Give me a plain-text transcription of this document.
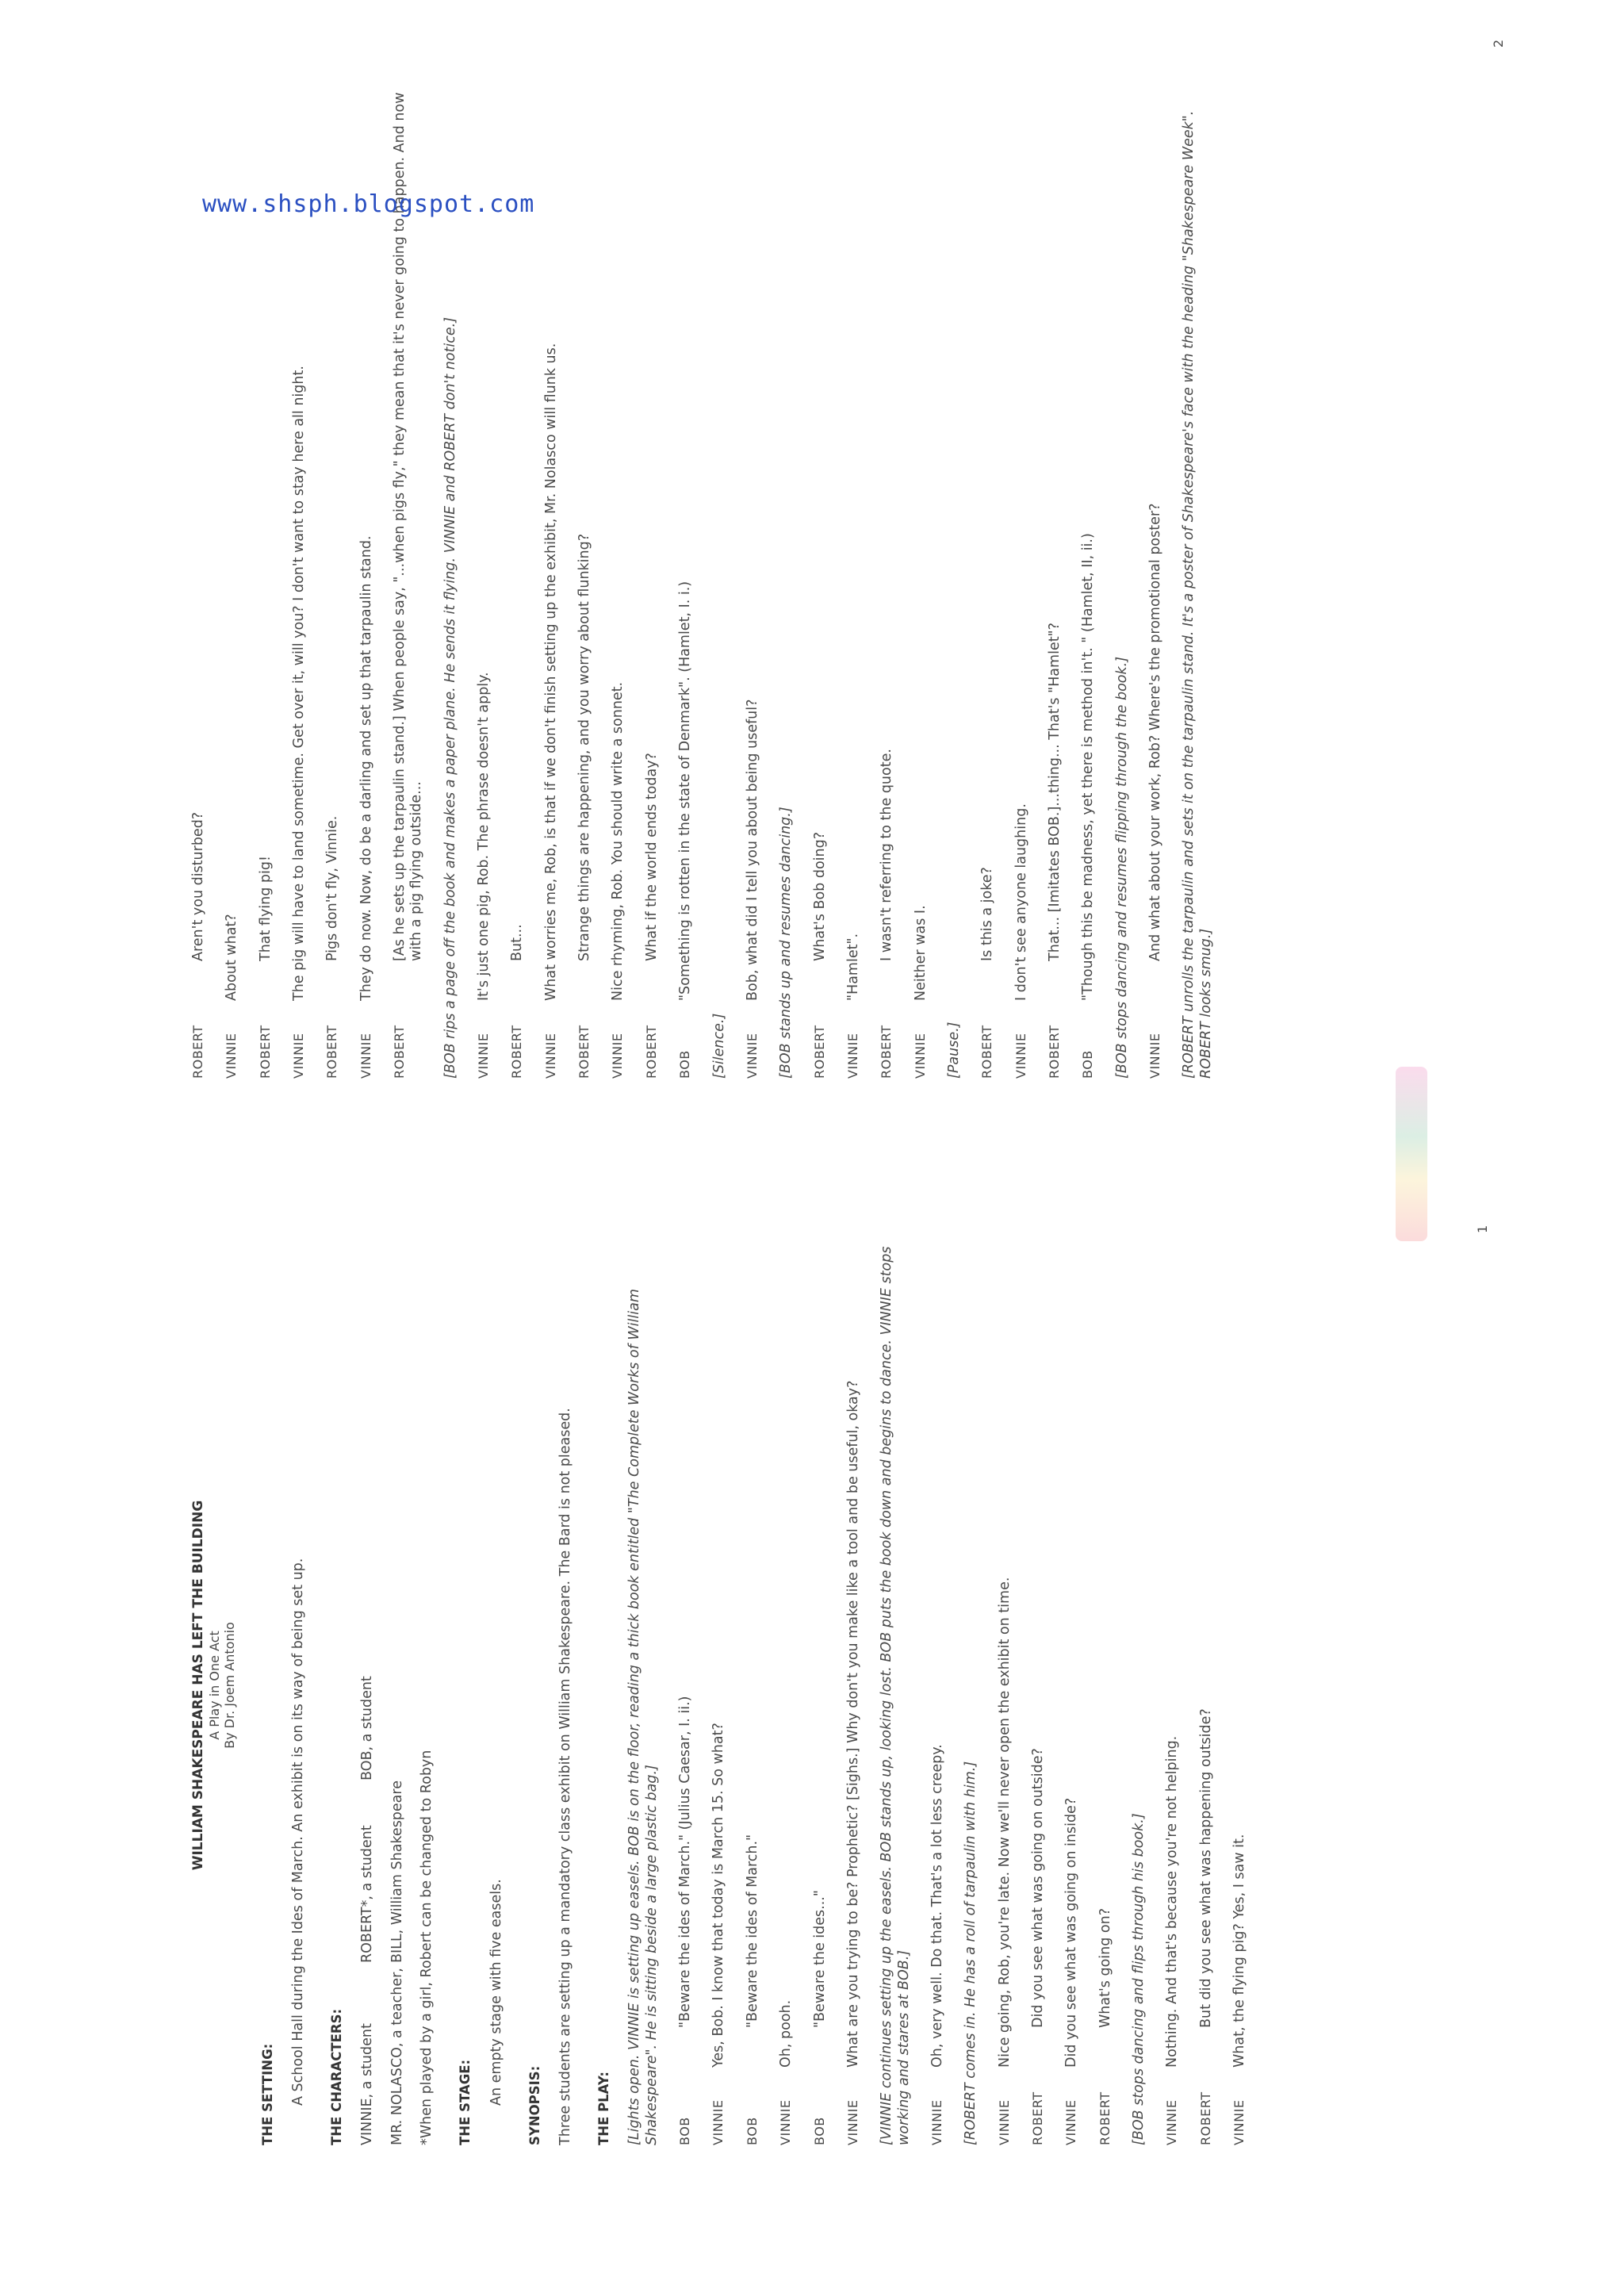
WILLIAM SHAKESPEARE HAS LEFT THE BUILDING A Play in One Act By Dr. Joem Antonio
THE SETTING: A School Hall during the Ides of March. An exhibit is on its way of being set up. THE CHARACTERS: VINNIE, a student
ROBERT*, a student
BOB, a student
MR. NOLASCO, a teacher,
BILL, William Shakespeare *When played by a girl, Robert can be changed to Robyn THE STAGE: An empty stage with five easels. SYNOPSIS: Three students are setting up a mandatory class exhibit on William Shakespeare. The Bard is not pleased. THE PLAY: [Lights open. VINNIE is setting up easels. BOB is on the floor, reading a thick book entitled "The Complete Works of William Shakespeare". He is sitting beside a large plastic bag.] BOB
"Beware the ides of March." (Julius Caesar, I. ii.)
VINNIE
Yes, Bob. I know that today is March 15. So what?
BOB
"Beware the ides of March."
VINNIE
Oh, pooh.
BOB
"Beware the ides..."
VINNIE
What are you trying to be? Prophetic? [Sighs.] Why don't you make like a tool and be useful, okay? [VINNIE continues setting up the easels. BOB stands up, looking lost. BOB puts the book down and begins to dance. VINNIE stops working and stares at BOB.] VINNIE
Oh, very well. Do that. That's a lot less creepy. [ROBERT comes in. He has a roll of tarpaulin with him.] VINNIE
Nice going, Rob, you're late. Now we'll never open the exhibit on time.
ROBERT
Did you see what was going on outside?
VINNIE
Did you see what was going on inside?
ROBERT
What's going on? [BOB stops dancing and flips through his book.] VINNIE
Nothing. And that's because you're not helping.
ROBERT
But did you see what was happening outside?
VINNIE
What, the flying pig? Yes, I saw it.
1
ROBERT
Aren't you disturbed?
VINNIE
About what?
ROBERT
That flying pig!
VINNIE
The pig will have to land sometime. Get over it, will you? I don't want to stay here all night.
ROBERT
Pigs don't fly, Vinnie.
VINNIE
They do now. Now, do be a darling and set up that tarpaulin stand.
ROBERT
[As he sets up the tarpaulin stand.] When people say, "...when pigs fly," they mean that it's never going to happen. And now with a pig flying outside... [BOB rips a page off the book and makes a paper plane. He sends it flying. VINNIE and ROBERT don't notice.] VINNIE
It's just one pig, Rob. The phrase doesn't apply.
ROBERT
But...
VINNIE
What worries me, Rob, is that if we don't finish setting up the exhibit, Mr. Nolasco will flunk us.
ROBERT
Strange things are happening, and you worry about flunking?
VINNIE
Nice rhyming, Rob. You should write a sonnet.
ROBERT
What if the world ends today?
BOB
"Something is rotten in the state of Denmark". (Hamlet, I. i.)
[Silence.] VINNIE
Bob, what did I tell you about being useful? [BOB stands up and resumes dancing.] ROBERT
What's Bob doing?
VINNIE
"Hamlet".
ROBERT
I wasn't referring to the quote.
VINNIE
Neither was I.
[Pause.] ROBERT
Is this a joke?
VINNIE
I don't see anyone laughing.
ROBERT
That... [Imitates BOB.]...thing... That's "Hamlet"?
BOB
"Though this be madness, yet there is method in't. " (Hamlet, II, ii.) [BOB stops dancing and resumes flipping through the book.] VINNIE
And what about your work, Rob? Where's the promotional poster? [ROBERT unrolls the tarpaulin and sets it on the tarpaulin stand. It's a poster of Shakespeare's face with the heading "Shakespeare Week". ROBERT looks smug.]
2
www.shsph.blogspot.com
